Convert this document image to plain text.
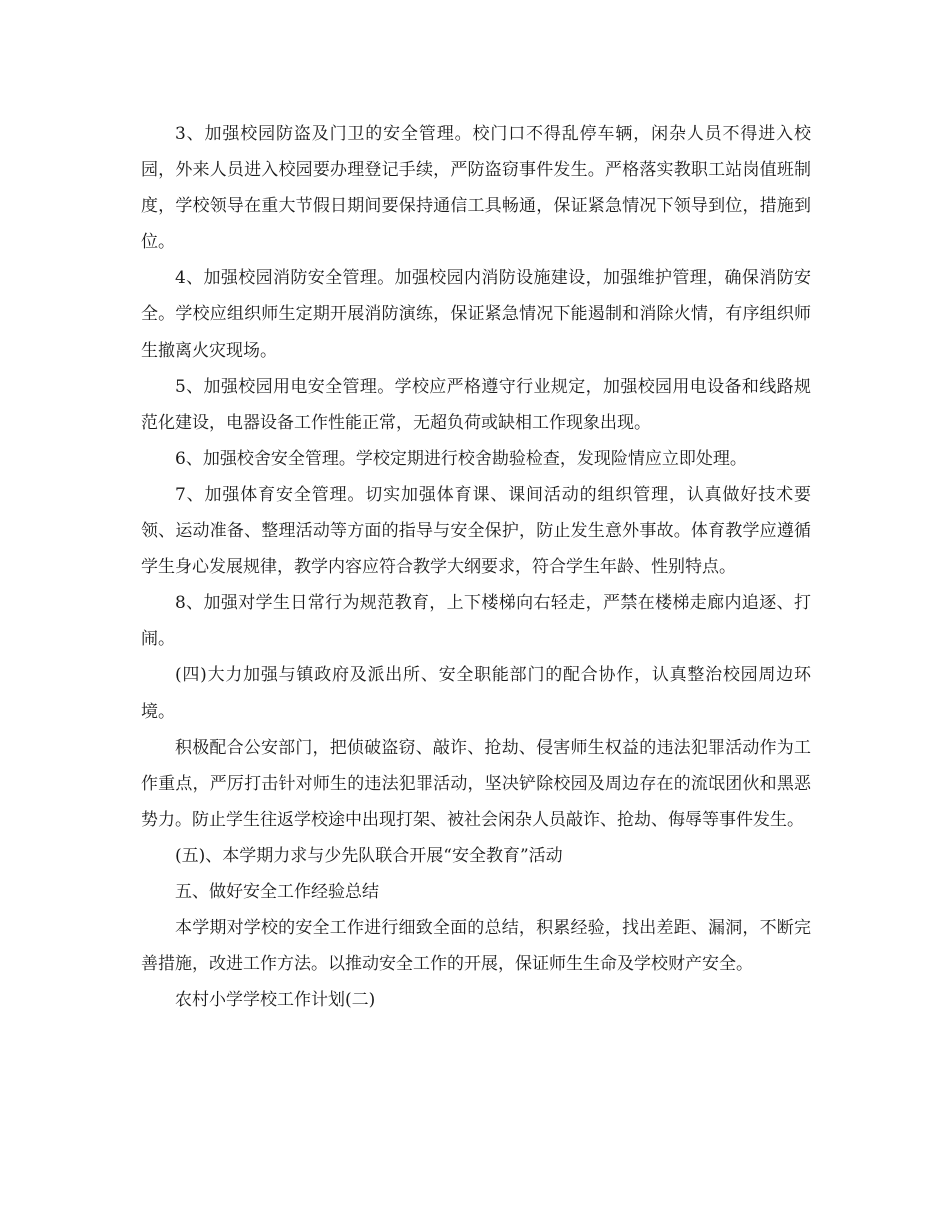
3、加强校园防盗及门卫的安全管理。校门口不得乱停车辆，闲杂人员不得进入校园，外来人员进入校园要办理登记手续，严防盗窃事件发生。严格落实教职工站岗值班制度，学校领导在重大节假日期间要保持通信工具畅通，保证紧急情况下领导到位，措施到位。

4、加强校园消防安全管理。加强校园内消防设施建设，加强维护管理，确保消防安全。学校应组织师生定期开展消防演练，保证紧急情况下能遏制和消除火情，有序组织师生撤离火灾现场。

5、加强校园用电安全管理。学校应严格遵守行业规定，加强校园用电设备和线路规范化建设，电器设备工作性能正常，无超负荷或缺相工作现象出现。

6、加强校舍安全管理。学校定期进行校舍勘验检查，发现险情应立即处理。

7、加强体育安全管理。切实加强体育课、课间活动的组织管理，认真做好技术要领、运动准备、整理活动等方面的指导与安全保护，防止发生意外事故。体育教学应遵循学生身心发展规律，教学内容应符合教学大纲要求，符合学生年龄、性别特点。

8、加强对学生日常行为规范教育，上下楼梯向右轻走，严禁在楼梯走廊内追逐、打闹。

(四)大力加强与镇政府及派出所、安全职能部门的配合协作，认真整治校园周边环境。

积极配合公安部门，把侦破盗窃、敲诈、抢劫、侵害师生权益的违法犯罪活动作为工作重点，严厉打击针对师生的违法犯罪活动，坚决铲除校园及周边存在的流氓团伙和黑恶势力。防止学生往返学校途中出现打架、被社会闲杂人员敲诈、抢劫、侮辱等事件发生。

(五)、本学期力求与少先队联合开展“安全教育”活动

五、做好安全工作经验总结

本学期对学校的安全工作进行细致全面的总结，积累经验，找出差距、漏洞，不断完善措施，改进工作方法。以推动安全工作的开展，保证师生生命及学校财产安全。

农村小学学校工作计划(二)
